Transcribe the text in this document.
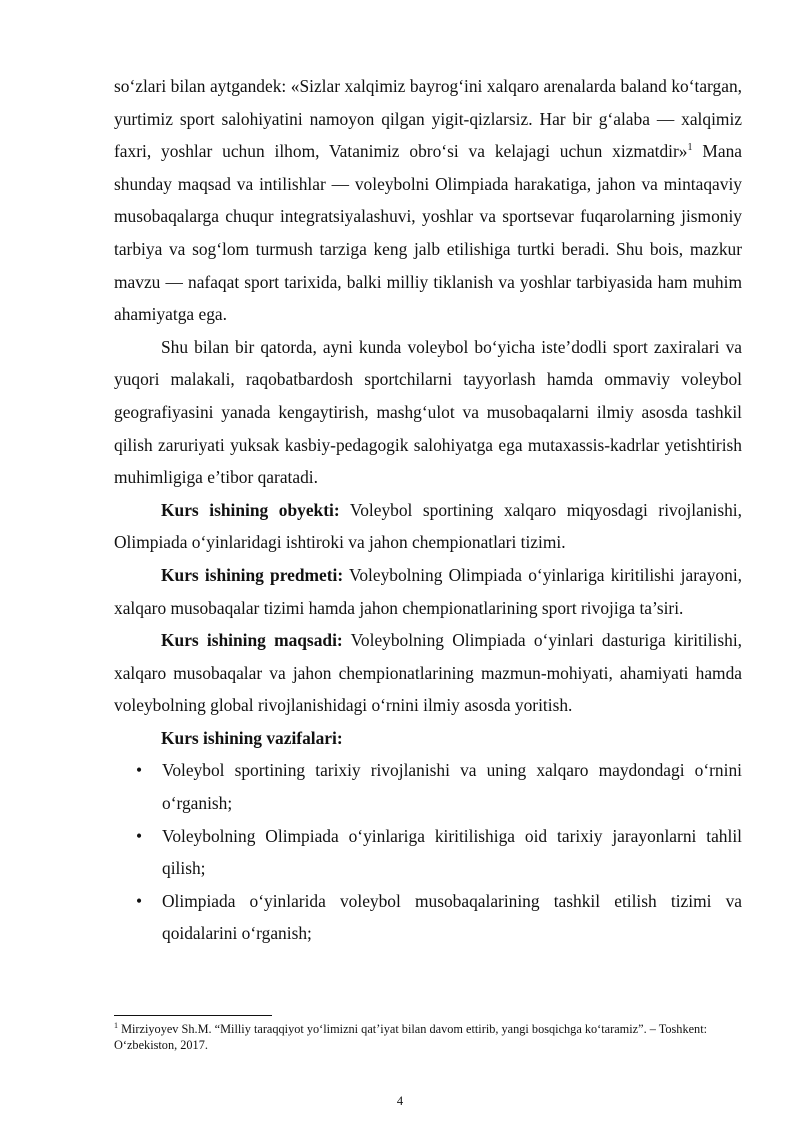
so‘zlari bilan aytgandek: «Sizlar xalqimiz bayrog‘ini xalqaro arenalarda baland ko‘targan, yurtimiz sport salohiyatini namoyon qilgan yigit-qizlarsiz. Har bir g‘alaba — xalqimiz faxri, yoshlar uchun ilhom, Vatanimiz obro‘si va kelajagi uchun xizmatdir»$^1$ Mana shunday maqsad va intilishlar — voleybolni Olimpiada harakatiga, jahon va mintaqaviy musobaqalarga chuqur integratsiyalashuvi, yoshlar va sportsevar fuqarolarning jismoniy tarbiya va sog‘lom turmush tarziga keng jalb etilishiga turtki beradi. Shu bois, mazkur mavzu — nafaqat sport tarixida, balki milliy tiklanish va yoshlar tarbiyasida ham muhim ahamiyatga ega.

Shu bilan bir qatorda, ayni kunda voleybol bo‘yicha iste’dodli sport zaxiralari va yuqori malakali, raqobatbardosh sportchilarni tayyorlash hamda ommaviy voleybol geografiyasini yanada kengaytirish, mashg‘ulot va musobaqalarni ilmiy asosda tashkil qilish zaruriyati yuksak kasbiy-pedagogik salohiyatga ega mutaxassis-kadrlar yetishtirish muhimligiga e’tibor qaratadi.

Kurs ishining obyekti: Voleybol sportining xalqaro miqyosdagi rivojlanishi, Olimpiada o‘yinlaridagi ishtiroki va jahon chempionatlari tizimi.

Kurs ishining predmeti: Voleybolning Olimpiada o‘yinlariga kiritilishi jarayoni, xalqaro musobaqalar tizimi hamda jahon chempionatlarining sport rivojiga ta’siri.

Kurs ishining maqsadi: Voleybolning Olimpiada o‘yinlari dasturiga kiritilishi, xalqaro musobaqalar va jahon chempionatlarining mazmun-mohiyati, ahamiyati hamda voleybolning global rivojlanishidagi o‘rnini ilmiy asosda yoritish.

Kurs ishining vazifalari:

• Voleybol sportining tarixiy rivojlanishi va uning xalqaro maydondagi o‘rnini o‘rganish;
• Voleybolning Olimpiada o‘yinlariga kiritilishiga oid tarixiy jarayonlarni tahlil qilish;
• Olimpiada o‘yinlarida voleybol musobaqalarining tashkil etilish tizimi va qoidalarini o‘rganish;

$^1$ Mirziyoyev Sh.M. “Milliy taraqqiyot yo‘limizni qat’iyat bilan davom ettirib, yangi bosqichga ko‘taramiz”. – Toshkent: O‘zbekiston, 2017.

4
